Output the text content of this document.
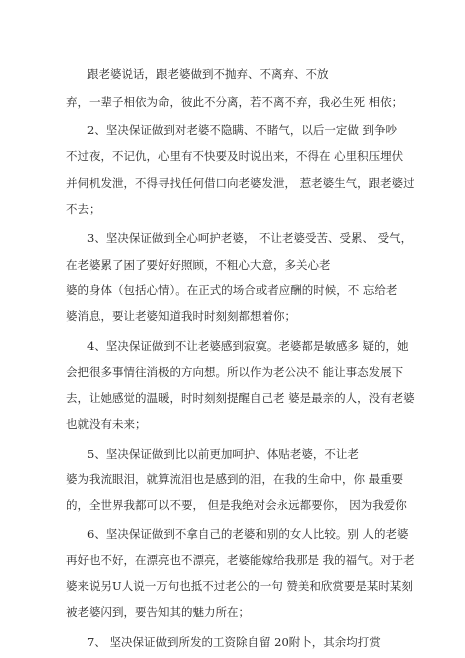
跟老婆说话，跟老婆做到不抛弃、不离弃、不放
弃，一辈子相依为命，彼此不分离，若不离不弃，我必生死 相依；
2、坚决保证做到对老婆不隐瞒、不睹气，以后一定做 到争吵
不过夜，不记仇，心里有不快要及时说出来，不得在 心里积压埋伏
并伺机发泄，不得寻找任何借口向老婆发泄， 惹老婆生气，跟老婆过
不去；
3、坚决保证做到全心呵护老婆， 不让老婆受苦、受累、 受气，
在老婆累了困了要好好照顾，不粗心大意，多关心老
婆的身体（包括心情）。在正式的场合或者应酬的时候，不 忘给老
婆消息，要让老婆知道我时时刻刻都想着你；
4、坚决保证做到不让老婆感到寂寞。老婆都是敏感多 疑的，她
会把很多事情往消极的方向想。所以作为老公决不 能让事态发展下
去，让她感觉的温暖，时时刻刻提醒自己老 婆是最亲的人，没有老婆
也就没有未来；
5、坚决保证做到比以前更加呵护、体贴老婆，不让老
婆为我流眼泪，就算流泪也是感到的泪，在我的生命中，你 最重要
的，全世界我都可以不要， 但是我绝对会永远都要你， 因为我爱你
6、坚决保证做到不拿自己的老婆和别的女人比较。别 人的老婆
再好也不好，在漂亮也不漂亮，老婆能嫁给我那是 我的福气。对于老
婆来说另U人说一万句也抵不过老公的一句 赞美和欣赏要是某时某刻
被老婆闪到，要告知其的魅力所在；
7、 坚决保证做到所发的工资除自留 20附卜，其余均打赏
